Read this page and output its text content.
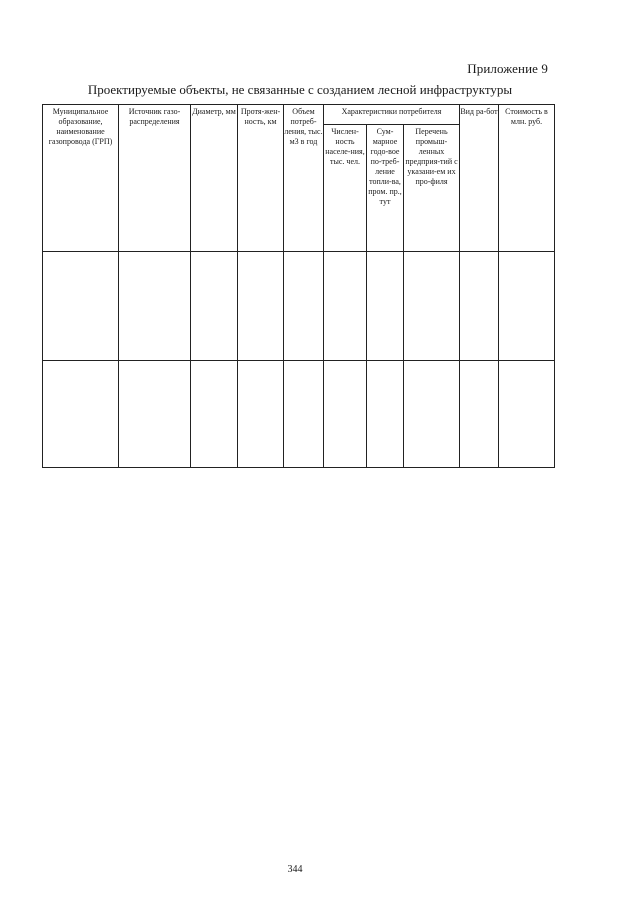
Приложение 9
Проектируемые объекты, не связанные с созданием лесной инфраструктуры
Муниципальное образование, наименование газопровода (ГРП)	Источник газо-распределения	Диаметр, мм	Протя-жен-ность, км	Объем потреб-ления, тыс. м3 в год	Характеристики потребителя			Вид ра-бот	Стоимость в млн. руб.
					Числен-ность населе-ния, тыс. чел.	Сум-марное годо-вое по-треб-ление топли-ва, пром. пр., тут	Перечень промыш-ленных предприя-тий с указани-ем их про-филя		

344
